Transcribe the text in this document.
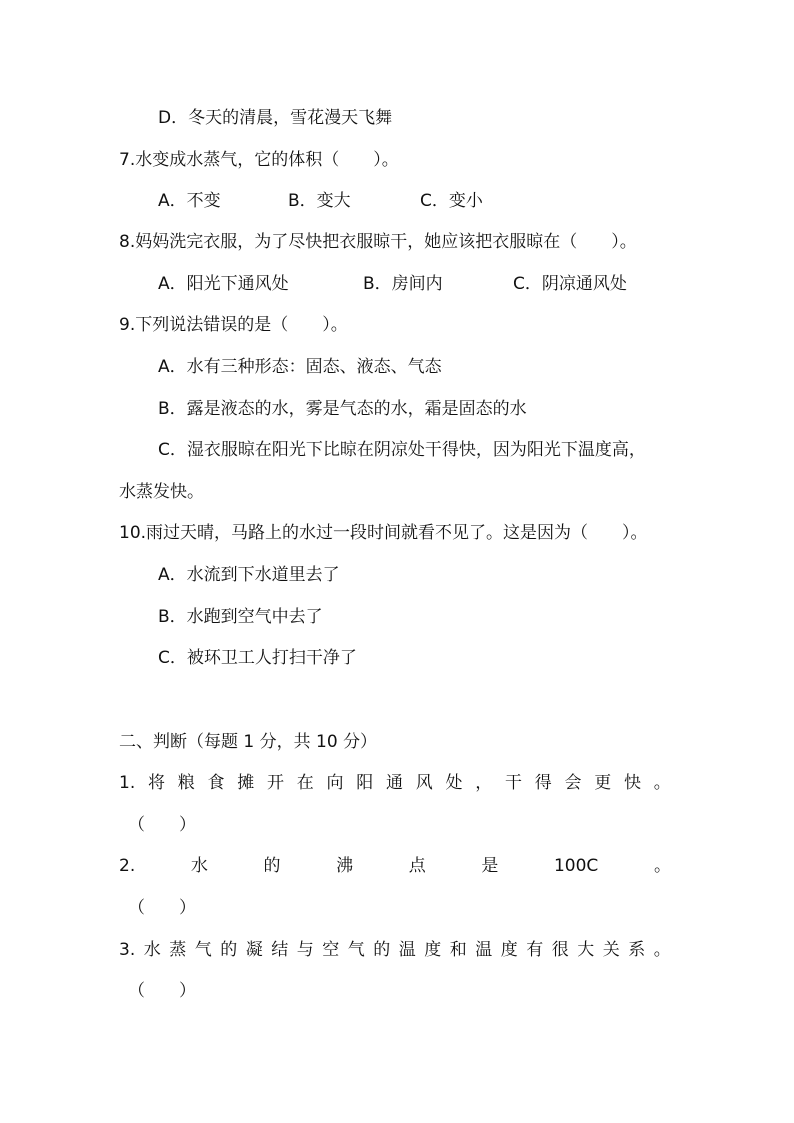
D．冬天的清晨，雪花漫天飞舞
7.水变成水蒸气，它的体积（　　）。
A．不变	B．变大	C．变小
8.妈妈洗完衣服，为了尽快把衣服晾干，她应该把衣服晾在（　　）。
A．阳光下通风处	B．房间内	C．阴凉通风处
9.下列说法错误的是（　　）。
A．水有三种形态：固态、液态、气态
B．露是液态的水，雾是气态的水，霜是固态的水
C．湿衣服晾在阳光下比晾在阴凉处干得快，因为阳光下温度高，
水蒸发快。
10.雨过天晴，马路上的水过一段时间就看不见了。这是因为（　　）。
A．水流到下水道里去了
B．水跑到空气中去了
C．被环卫工人打扫干净了
二、判断（每题 1 分，共 10 分）
1. 将 粮 食 摊 开 在 向 阳 通 风 处 ， 干 得 会 更 快 。
（　　）
2.	水	的	沸	点	是	100C	。
（　　）
3. 水 蒸 气 的 凝 结 与 空 气 的 温 度 和 温 度 有 很 大 关 系 。
（　　）
